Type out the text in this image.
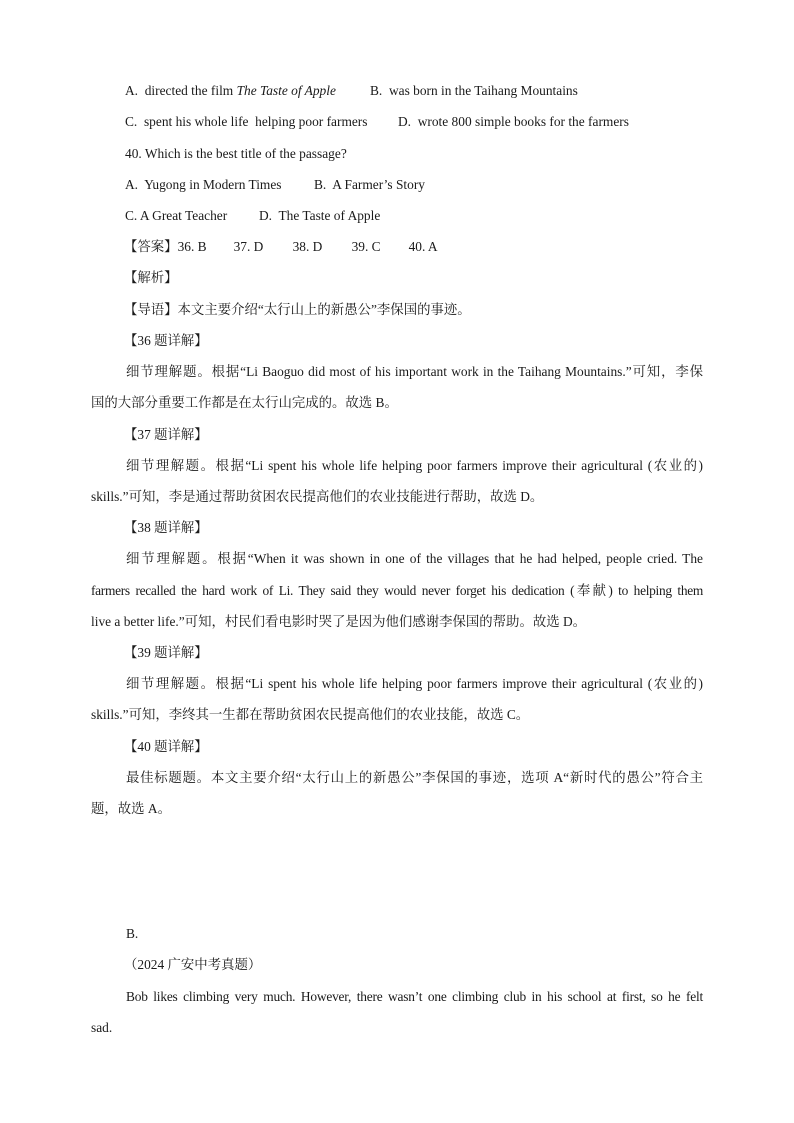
A.  directed the film The Taste of Apple	B.  was born in the Taihang Mountains
C.  spent his whole life  helping poor farmers D.  wrote 800 simple books for the farmers
40. Which is the best title of the passage?
A.  Yugong in Modern Times B.  A Farmer’s Story
C. A Great Teacher D.  The Taste of Apple
【答案】36. B 37. D 38. D 39. C 40. A
【解析】
【导语】本文主要介绍“太行山上的新愚公”李保国的事迹。
【36 题详解】
细节理解题。根据“Li Baoguo did most of his important work in the Taihang Mountains.”可知，李保
国的大部分重要工作都是在太行山完成的。故选 B。
【37 题详解】
细节理解题。根据“Li spent his whole life helping poor farmers improve their agricultural (农业的)
skills.”可知，李是通过帮助贫困农民提高他们的农业技能进行帮助，故选 D。
【38 题详解】
细节理解题。根据“When it was shown in one of the villages that he had helped, people cried. The
farmers recalled the hard work of Li. They said they would never forget his dedication (奉献) to helping them
live a better life.”可知，村民们看电影时哭了是因为他们感谢李保国的帮助。故选 D。
【39 题详解】
细节理解题。根据“Li spent his whole life helping poor farmers improve their agricultural (农业的)
skills.”可知，李终其一生都在帮助贫困农民提高他们的农业技能，故选 C。
【40 题详解】
最佳标题题。本文主要介绍“太行山上的新愚公”李保国的事迹，选项 A“新时代的愚公”符合主
题，故选 A。
B.
（2024 广安中考真题）
Bob likes climbing very much. However, there wasn’t one climbing club in his school at first, so he felt
sad.
